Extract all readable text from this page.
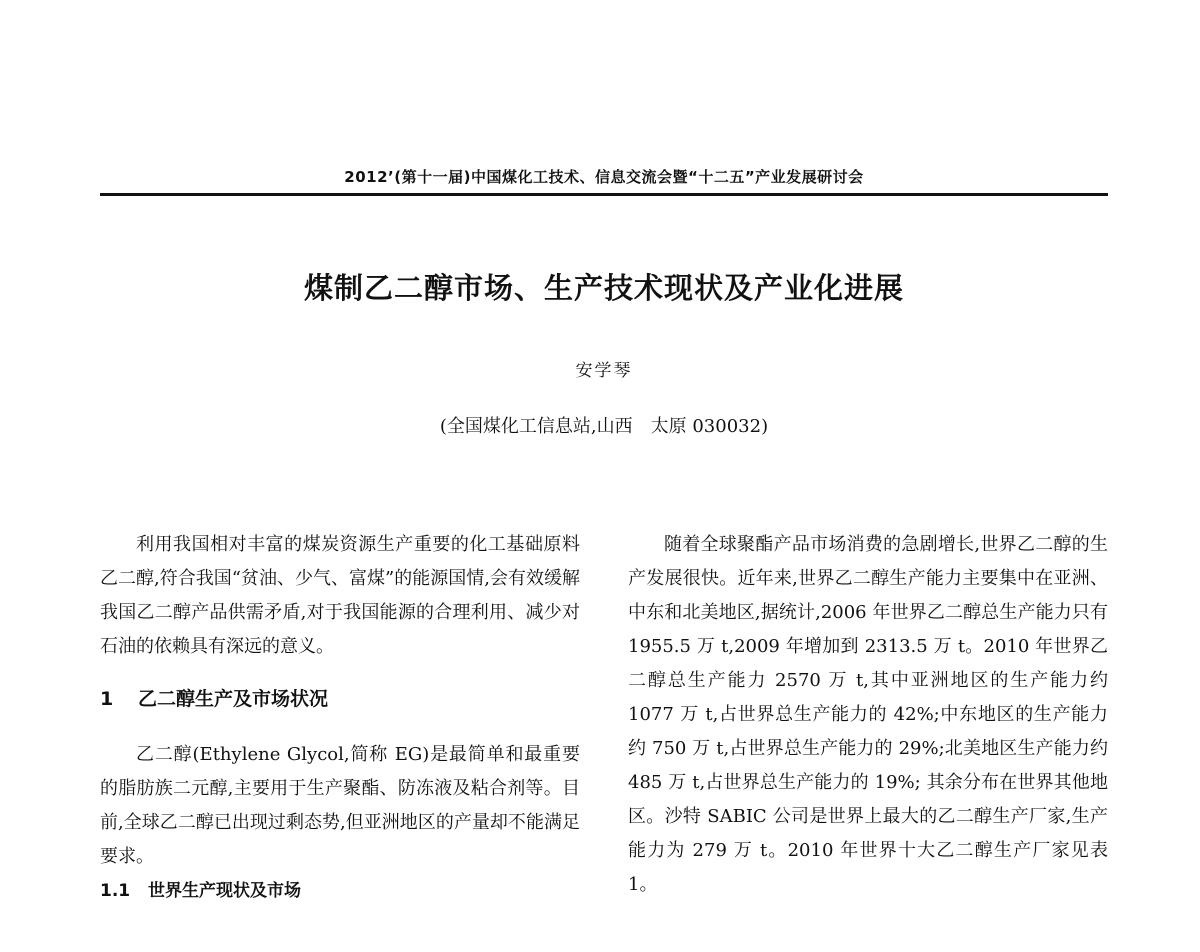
2012’(第十一届)中国煤化工技术、信息交流会暨“十二五”产业发展研讨会
煤制乙二醇市场、生产技术现状及产业化进展
安学琴
(全国煤化工信息站,山西　太原 030032)

利用我国相对丰富的煤炭资源生产重要的化工基础原料乙二醇,符合我国“贫油、少气、富煤”的能源国情,会有效缓解我国乙二醇产品供需矛盾,对于我国能源的合理利用、减少对石油的依赖具有深远的意义。

1 乙二醇生产及市场状况

乙二醇(Ethylene Glycol,简称 EG)是最简单和最重要的脂肪族二元醇,主要用于生产聚酯、防冻液及粘合剂等。目前,全球乙二醇已出现过剩态势,但亚洲地区的产量却不能满足要求。

1.1 世界生产现状及市场

随着全球聚酯产品市场消费的急剧增长,世界乙二醇的生产发展很快。近年来,世界乙二醇生产能力主要集中在亚洲、中东和北美地区,据统计,2006 年世界乙二醇总生产能力只有 1955.5 万 t,2009 年增加到 2313.5 万 t。2010 年世界乙二醇总生产能力 2570 万 t,其中亚洲地区的生产能力约 1077 万 t,占世界总生产能力的 42%;中东地区的生产能力约 750 万 t,占世界总生产能力的 29%;北美地区生产能力约 485 万 t,占世界总生产能力的 19%; 其余分布在世界其他地区。沙特 SABIC 公司是世界上最大的乙二醇生产厂家,生产能力为 279 万 t。2010 年世界十大乙二醇生产厂家见表 1。
